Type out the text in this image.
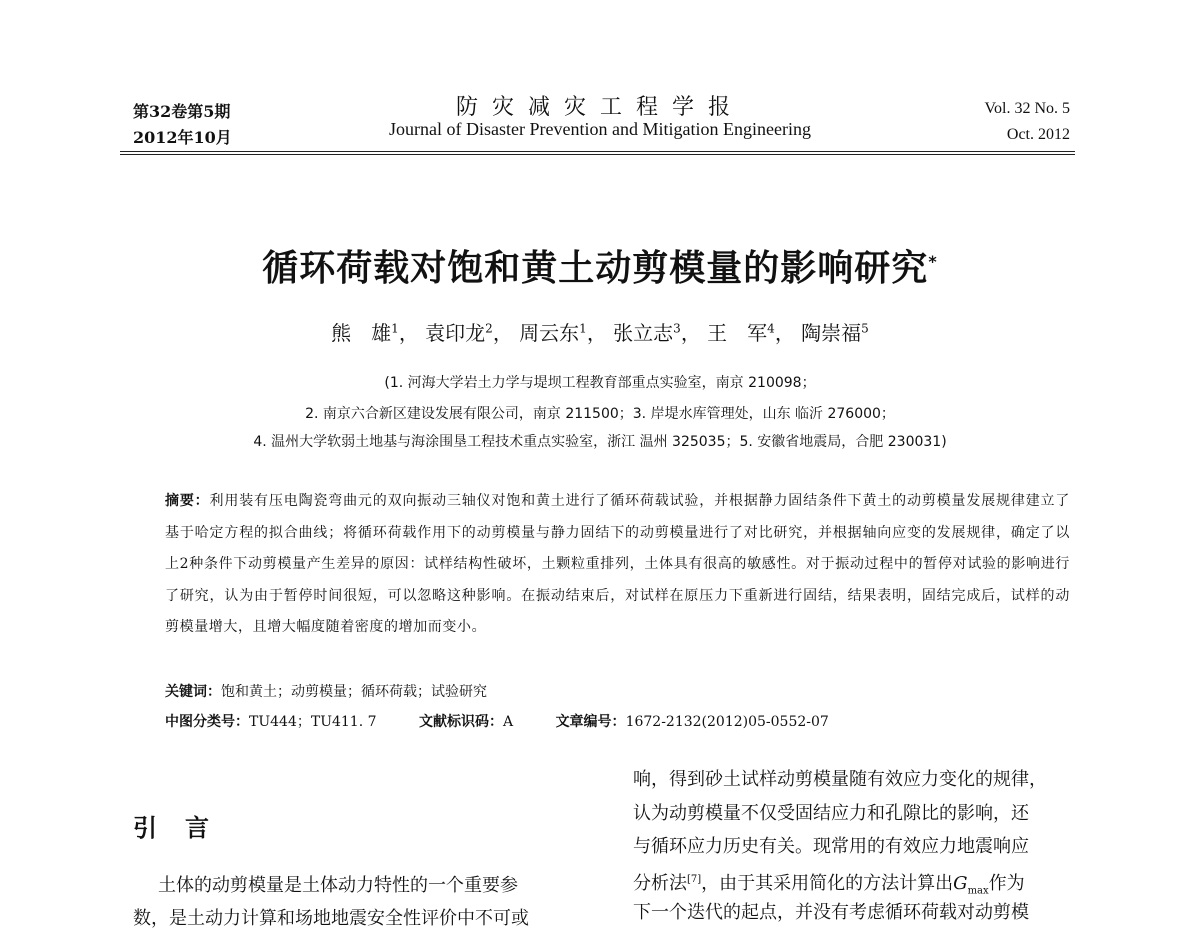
第32卷第5期
2012年10月
防灾减灾工程学报
Journal of Disaster Prevention and Mitigation Engineering
Vol. 32 No. 5
Oct. 2012
循环荷载对饱和黄土动剪模量的影响研究*
熊　雄$^1$， 袁印龙$^2$， 周云东$^1$， 张立志$^3$， 王　军$^4$， 陶崇福$^5$
(1. 河海大学岩土力学与堤坝工程教育部重点实验室，南京 210098；
2. 南京六合新区建设发展有限公司，南京 211500；3. 岸堤水库管理处，山东 临沂 276000；
4. 温州大学软弱土地基与海涂围垦工程技术重点实验室，浙江 温州 325035；5. 安徽省地震局，合肥 230031)
摘要：利用装有压电陶瓷弯曲元的双向振动三轴仪对饱和黄土进行了循环荷载试验，并根据静力固结条件下黄土的动剪模量发展规律建立了基于哈定方程的拟合曲线；将循环荷载作用下的动剪模量与静力固结下的动剪模量进行了对比研究，并根据轴向应变的发展规律，确定了以上2种条件下动剪模量产生差异的原因：试样结构性破坏，土颗粒重排列，土体具有很高的敏感性。对于振动过程中的暂停对试验的影响进行了研究，认为由于暂停时间很短，可以忽略这种影响。在振动结束后，对试样在原压力下重新进行固结，结果表明，固结完成后，试样的动剪模量增大，且增大幅度随着密度的增加而变小。
关键词：饱和黄土；动剪模量；循环荷载；试验研究
中图分类号：TU444；TU411. 7	文献标识码：A	文章编号：1672-2132(2012)05-0552-07
引言
土体的动剪模量是土体动力特性的一个重要参
数，是土动力计算和场地地震安全性评价中不可或
响，得到砂土试样动剪模量随有效应力变化的规律，
认为动剪模量不仅受固结应力和孔隙比的影响，还
与循环应力历史有关。现常用的有效应力地震响应
分析法[7]，由于其采用简化的方法计算出$G_{max}$作为
下一个迭代的起点，并没有考虑循环荷载对动剪模
